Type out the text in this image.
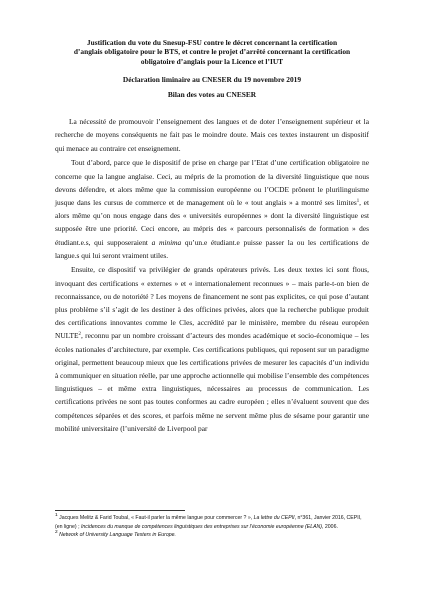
Justification du vote du Snesup-FSU contre le décret concernant la certification

d’anglais obligatoire pour le BTS, et contre le projet d’arrêté concernant la certification

obligatoire d’anglais pour la Licence et l’IUT

Déclaration liminaire au CNESER du 19 novembre 2019
Bilan des votes au CNESER

La nécessité de promouvoir l’enseignement des langues et de doter l’enseignement supérieur et la recherche de moyens conséquents ne fait pas le moindre doute. Mais ces textes instaurent un dispositif qui menace au contraire cet enseignement.

Tout d’abord, parce que le dispositif de prise en charge par l’Etat d’une certification obligatoire ne concerne que la langue anglaise. Ceci, au mépris de la promotion de la diversité linguistique que nous devons défendre, et alors même que la commission européenne ou l’OCDE prônent le plurilinguisme jusque dans les cursus de commerce et de management où le « tout anglais » a montré ses limites$^1$, et alors même qu’on nous engage dans des « universités européennes » dont la diversité linguistique est supposée être une priorité. Ceci encore, au mépris des « parcours personnalisés de formation » des étudiant.e.s, qui supposeraient a minima qu’un.e étudiant.e puisse passer la ou les certifications de langue.s qui lui seront vraiment utiles.

Ensuite, ce dispositif va privilégier de grands opérateurs privés. Les deux textes ici sont flous, invoquant des certifications « externes » et « internationalement reconnues » – mais parle-t-on bien de reconnaissance, ou de notoriété ? Les moyens de financement ne sont pas explicites, ce qui pose d’autant plus problème s’il s’agit de les destiner à des officines privées, alors que la recherche publique produit des certifications innovantes comme le Cles, accrédité par le ministère, membre du réseau européen NULTE$^2$, reconnu par un nombre croissant d’acteurs des mondes académique et socio-économique – les écoles nationales d’architecture, par exemple. Ces certifications publiques, qui reposent sur un paradigme original, permettent beaucoup mieux que les certifications privées de mesurer les capacités d’un individu à communiquer en situation réelle, par une approche actionnelle qui mobilise l’ensemble des compétences linguistiques – et même extra linguistiques, nécessaires au processus de communication. Les certifications privées ne sont pas toutes conformes au cadre européen ; elles n’évaluent souvent que des compétences séparées et des scores, et parfois même ne servent même plus de sésame pour garantir une mobilité universitaire (l’université de Liverpool par

$^1$ Jacques Melitz & Farid Toubal, « Faut-il parler la même langue pour commercer ? », La lettre du CEPII, n°361, Janvier 2016, CEPII, (en ligne) ; Incidences du manque de compétences linguistiques des entreprises sur l’économie européenne (ELAN), 2006.

$^2$ Network of University Language Testers in Europe.
